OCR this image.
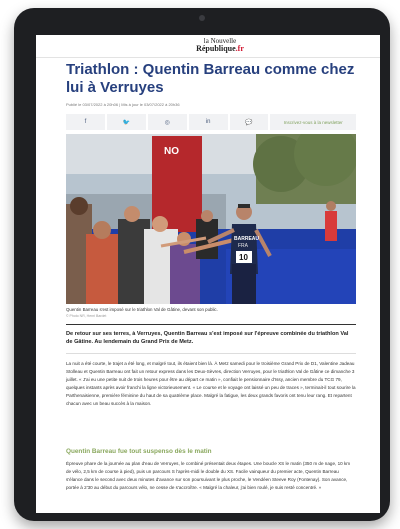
la Nouvelle
République.fr
Triathlon : Quentin Barreau comme chez lui à Verruyes
Publié le 03/07/2022 à 20h06 | Mis à jour le 03/07/2022 à 20h36
f	🐦	◎	in	💬	Inscrivez-vous à la newsletter
NO
BARREAU
FRA
10
Quentin Barreau s'est imposé sur le triathlon Val de Gâtine, devant son public.
© Photo NR, Henri Bardet

De retour sur ses terres, à Verruyes, Quentin Barreau s'est imposé sur l'épreuve combinée du triathlon Val de Gâtine. Au lendemain du Grand Prix de Metz.

La nuit a été courte, le trajet a été long, et malgré tout, ils étaient bien là. À Metz samedi pour le troisième Grand Prix de D1, Valentine Jadeau Stolleau et Quentin Barreau ont fait un retour express dans les Deux-Sèvres, direction Verruyes, pour le triathlon Val de Gâtine ce dimanche 3 juillet. « J'ai eu une petite nuit de trois heures pour être au départ ce matin », confiait le pensionnaire d'Issy, ancien membre du TCG 79, quelques instants après avoir franchi la ligne victorieusement. « Le course et le voyage ont laissé un peu de traces », terminait-il tout sourire la Parthenaisienne, première féminine du haut de sa quatrième place. Malgré la fatigue, les deux grands favoris ont tenu leur rang. Et repartent chacun avec un beau succès à la maison.

Quentin Barreau fue tout suspenso dès le matin

Épreuve phare de la journée au plan d'eau de Verruyes, le combiné présentait deux étapes. Une boucle XS le matin (350 m de nage, 10 km de vélo, 2,5 km de course à pied), puis un parcours S l'après-midi le double du XS. Facile vainqueur du premier acte, Quentin Barreau s'élance dans le second avec deux minutes d'avance sur son poursuivant le plus proche, le Vendéen Steeve Roy (Fontenay). Son avance, portée à 2'30 au début du parcours vélo, ne cesse de s'accroître. « Malgré la chaleur, j'ai bien roulé, je suis resté concentré. »
